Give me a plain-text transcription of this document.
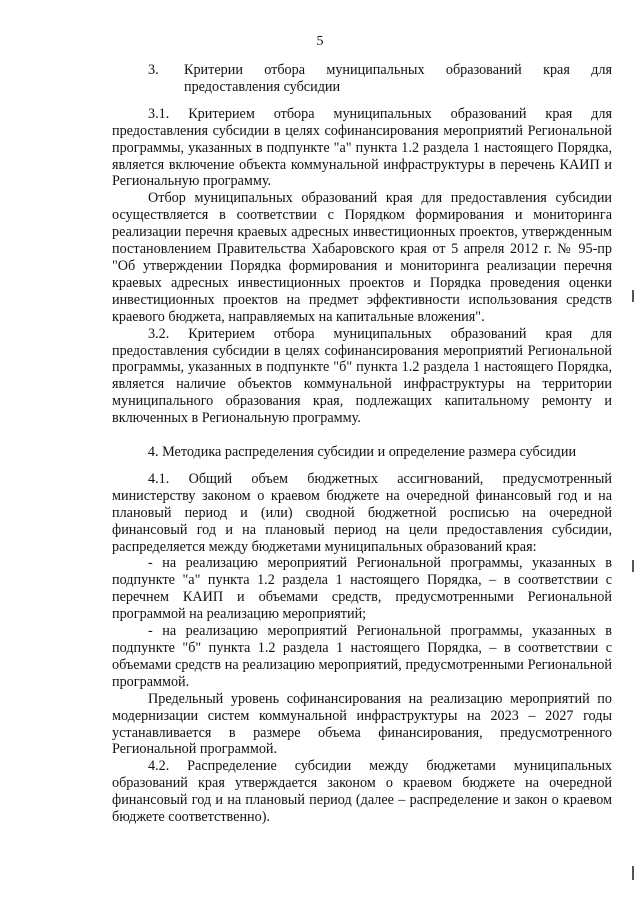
5
3.	Критерии отбора муниципальных образований края для предоставления субсидии

3.1. Критерием отбора муниципальных образований края для предоставления субсидии в целях софинансирования мероприятий Региональной программы, указанных в подпункте "а" пункта 1.2 раздела 1 настоящего Порядка, является включение объекта коммунальной инфраструктуры в перечень КАИП и Региональную программу.

Отбор муниципальных образований края для предоставления субсидии осуществляется в соответствии с Порядком формирования и мониторинга реализации перечня краевых адресных инвестиционных проектов, утвержденным постановлением Правительства Хабаровского края от 5 апреля 2012 г. № 95-пр "Об утверждении Порядка формирования и мониторинга реализации перечня краевых адресных инвестиционных проектов и Порядка проведения оценки инвестиционных проектов на предмет эффективности использования средств краевого бюджета, направляемых на капитальные вложения".

3.2. Критерием отбора муниципальных образований края для предоставления субсидии в целях софинансирования мероприятий Региональной программы, указанных в подпункте "б" пункта 1.2 раздела 1 настоящего Порядка, является наличие объектов коммунальной инфраструктуры на территории муниципального образования края, подлежащих капитальному ремонту и включенных в Региональную программу.

4. Методика распределения субсидии и определение размера субсидии

4.1. Общий объем бюджетных ассигнований, предусмотренный министерству законом о краевом бюджете на очередной финансовый год и на плановый период и (или) сводной бюджетной росписью на очередной финансовый год и на плановый период на цели предоставления субсидии, распределяется между бюджетами муниципальных образований края:

- на реализацию мероприятий Региональной программы, указанных в подпункте "а" пункта 1.2 раздела 1 настоящего Порядка, – в соответствии с перечнем КАИП и объемами средств, предусмотренными Региональной программой на реализацию мероприятий;

- на реализацию мероприятий Региональной программы, указанных в подпункте "б" пункта 1.2 раздела 1 настоящего Порядка, – в соответствии с объемами средств на реализацию мероприятий, предусмотренными Региональной программой.

Предельный уровень софинансирования на реализацию мероприятий по модернизации систем коммунальной инфраструктуры на 2023 – 2027 годы устанавливается в размере объема финансирования, предусмотренного Региональной программой.

4.2. Распределение субсидии между бюджетами муниципальных образований края утверждается законом о краевом бюджете на очередной финансовый год и на плановый период (далее – распределение и закон о краевом бюджете соответственно).
